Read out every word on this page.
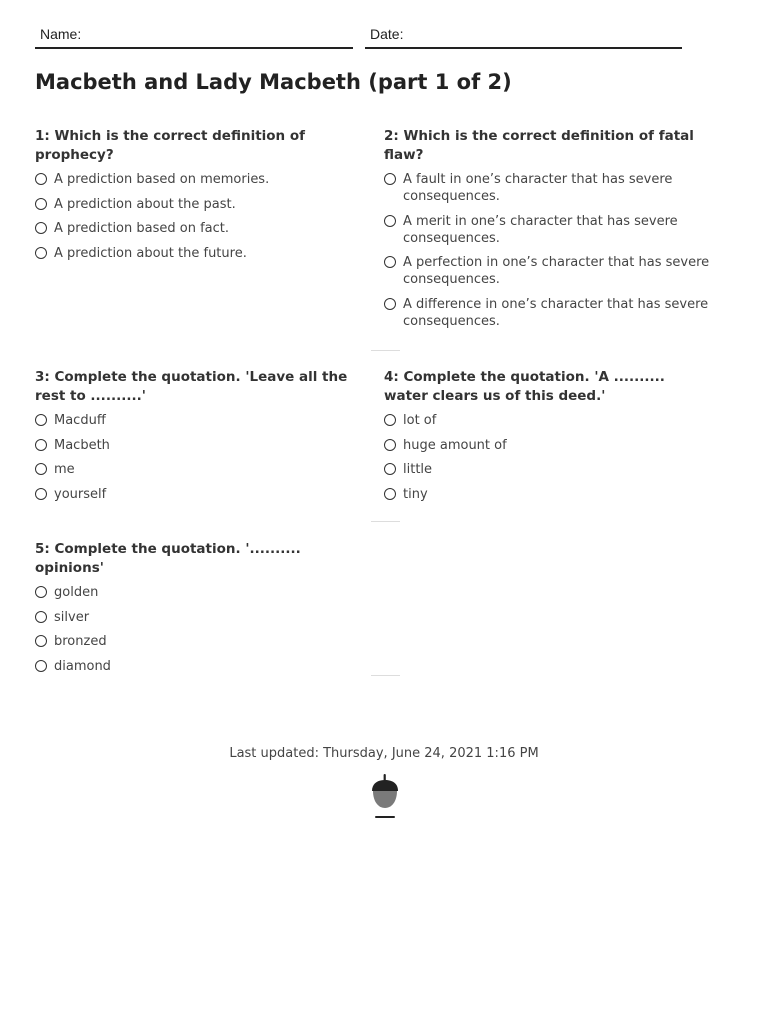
Name:	Date:
Macbeth and Lady Macbeth (part 1 of 2)

1: Which is the correct definition of prophecy?

A prediction based on memories.
A prediction about the past.
A prediction based on fact.
A prediction about the future.

2: Which is the correct definition of fatal flaw?

A fault in one’s character that has severe consequences.
A merit in one’s character that has severe consequences.
A perfection in one’s character that has severe consequences.
A difference in one’s character that has severe consequences.

3: Complete the quotation. 'Leave all the rest to ..........'

Macduff
Macbeth
me
yourself

4: Complete the quotation. 'A .......... water clears us of this deed.'

lot of
huge amount of
little
tiny

5: Complete the quotation. '.......... opinions'

golden
silver
bronzed
diamond
Last updated: Thursday, June 24, 2021 1:16 PM
